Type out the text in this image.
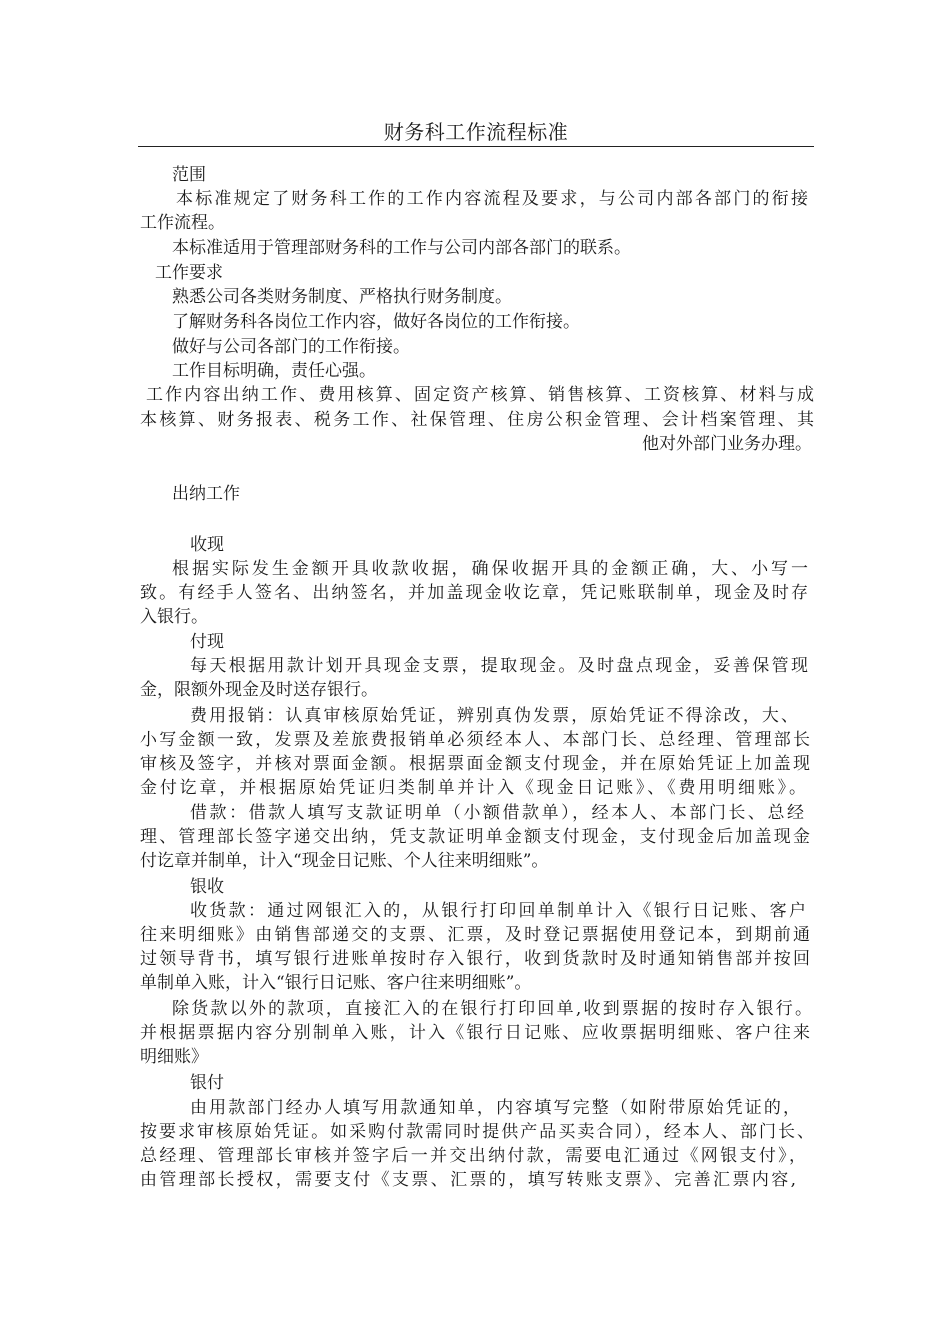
财务科工作流程标准
范围
本标准规定了财务科工作的工作内容流程及要求，与公司内部各部门的衔接
工作流程。
本标准适用于管理部财务科的工作与公司内部各部门的联系。
工作要求
熟悉公司各类财务制度、严格执行财务制度。
了解财务科各岗位工作内容，做好各岗位的工作衔接。
做好与公司各部门的工作衔接。
工作目标明确，责任心强。
工作内容出纳工作、费用核算、固定资产核算、销售核算、工资核算、材料与成
本核算、财务报表、税务工作、社保管理、住房公积金管理、会计档案管理、其
他对外部门业务办理。
出纳工作
收现
根据实际发生金额开具收款收据，确保收据开具的金额正确，大、小写一
致。有经手人签名、出纳签名，并加盖现金收讫章，凭记账联制单，现金及时存
入银行。
付现
每天根据用款计划开具现金支票，提取现金。及时盘点现金，妥善保管现
金，限额外现金及时送存银行。
费用报销：认真审核原始凭证，辨别真伪发票，原始凭证不得涂改，大、
小写金额一致，发票及差旅费报销单必须经本人、本部门长、总经理、管理部长
审核及签字，并核对票面金额。根据票面金额支付现金，并在原始凭证上加盖现
金付讫章，并根据原始凭证归类制单并计入《现金日记账》、《费用明细账》。
借款：借款人填写支款证明单（小额借款单），经本人、本部门长、总经
理、管理部长签字递交出纳，凭支款证明单金额支付现金，支付现金后加盖现金
付讫章并制单，计入“现金日记账、个人往来明细账”。
银收
收货款：通过网银汇入的，从银行打印回单制单计入《银行日记账、客户
往来明细账》由销售部递交的支票、汇票，及时登记票据使用登记本，到期前通
过领导背书，填写银行进账单按时存入银行，收到货款时及时通知销售部并按回
单制单入账，计入“银行日记账、客户往来明细账”。
除货款以外的款项，直接汇入的在银行打印回单,收到票据的按时存入银行。
并根据票据内容分别制单入账，计入《银行日记账、应收票据明细账、客户往来
明细账》
银付
由用款部门经办人填写用款通知单，内容填写完整（如附带原始凭证的，
按要求审核原始凭证。如采购付款需同时提供产品买卖合同），经本人、部门长、
总经理、管理部长审核并签字后一并交出纳付款，需要电汇通过《网银支付》，
由管理部长授权，需要支付《支票、汇票的，填写转账支票》、完善汇票内容,
